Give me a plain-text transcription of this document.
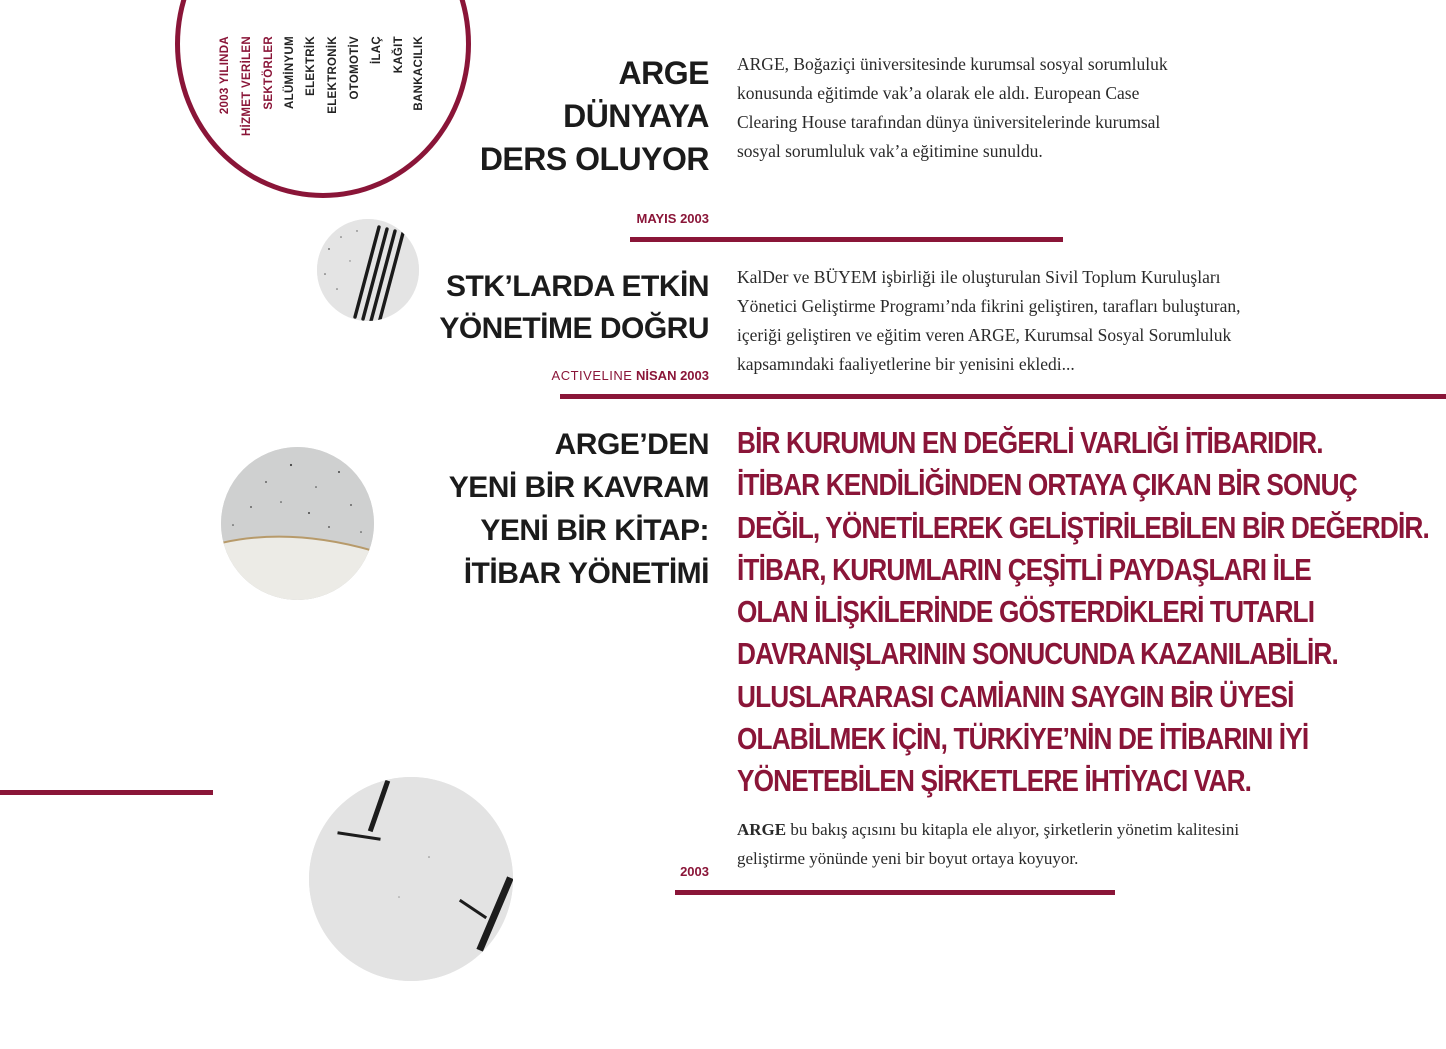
2003 YILINDA HİZMET VERİLEN SEKTÖRLER ALÜMİNYUM ELEKTRİK ELEKTRONİK OTOMOTİV İLAÇ KAĞIT BANKACILIK	ARGE
DÜNYAYA
DERS OLUYOR
ARGE, Boğaziçi üniversitesinde kurumsal sosyal sorumluluk
konusunda eğitimde vak’a olarak ele aldı. European Case
Clearing House tarafından dünya üniversitelerinde kurumsal
sosyal sorumluluk vak’a eğitimine sunuldu.
MAYIS 2003
STK’LARDA ETKİN
YÖNETİME DOĞRU
KalDer ve BÜYEM işbirliği ile oluşturulan Sivil Toplum Kuruluşları
Yönetici Geliştirme Programı’nda fikrini geliştiren, tarafları buluşturan,
içeriği geliştiren ve eğitim veren ARGE, Kurumsal Sosyal Sorumluluk
kapsamındaki faaliyetlerine bir yenisini ekledi...
ACTIVELINE NİSAN 2003
ARGE’DEN
YENİ BİR KAVRAM
YENİ BİR KİTAP:
İTİBAR YÖNETİMİ
BİR KURUMUN EN DEĞERLİ VARLIĞI İTİBARIDIR.
İTİBAR KENDİLİĞİNDEN ORTAYA ÇIKAN BİR SONUÇ
DEĞİL, YÖNETİLEREK GELİŞTİRİLEBİLEN BİR DEĞERDİR.
İTİBAR, KURUMLARIN ÇEŞİTLİ PAYDAŞLARI İLE
OLAN İLİŞKİLERİNDE GÖSTERDİKLERİ TUTARLI
DAVRANIŞLARININ SONUCUNDA KAZANILABİLİR.
ULUSLARARASI CAMİANIN SAYGIN BİR ÜYESİ
OLABİLMEK İÇİN, TÜRKİYE’NİN DE İTİBARINI İYİ
YÖNETEBİLEN ŞİRKETLERE İHTİYACI VAR.
ARGE bu bakış açısını bu kitapla ele alıyor, şirketlerin yönetim kalitesini
geliştirme yönünde yeni bir boyut ortaya koyuyor.
2003
